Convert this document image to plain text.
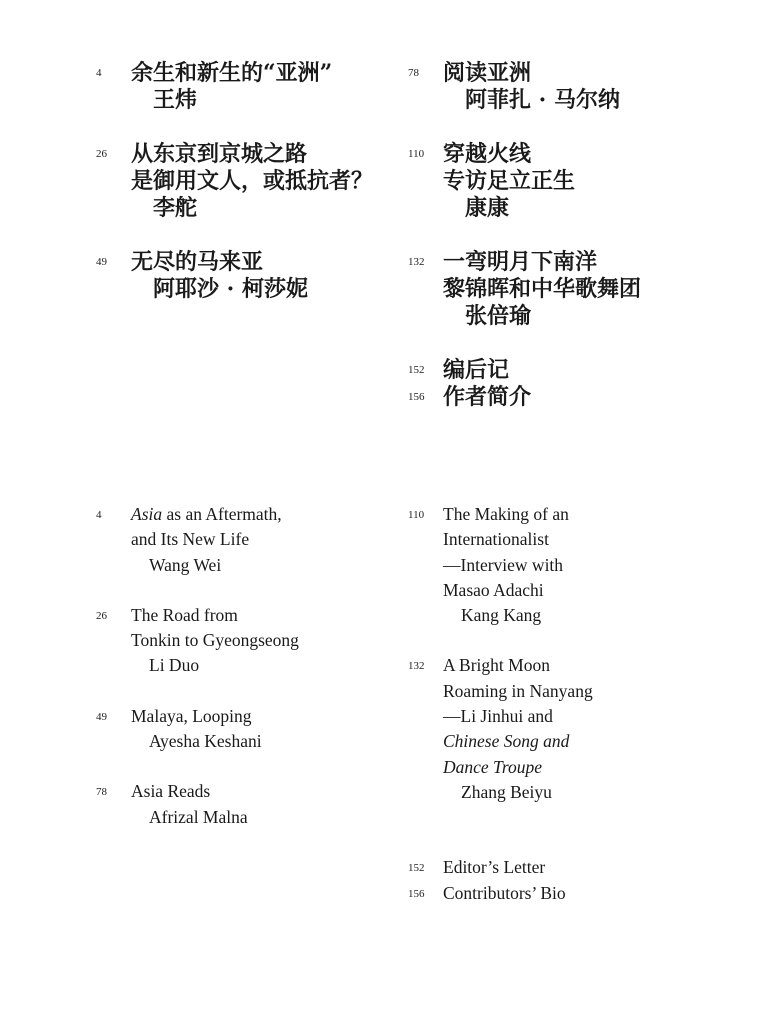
4 余生和新生的“亚洲”
王炜
26 从东京到京城之路
是御用文人，或抵抗者？
李舵
49 无尽的马来亚
阿耶沙 · 柯莎妮
78 阅读亚洲
阿菲扎 · 马尔纳
110 穿越火线
专访足立正生
康康
132 一弯明月下南洋
黎锦晖和中华歌舞团
张倍瑜
152 编后记
156 作者简介
4 Asia as an Aftermath,
and Its New Life
Wang Wei
26 The Road from
Tonkin to Gyeongseong
Li Duo
49 Malaya, Looping
Ayesha Keshani
78 Asia Reads
Afrizal Malna
110 The Making of an
Internationalist
—Interview with
Masao Adachi
Kang Kang
132 A Bright Moon
Roaming in Nanyang
—Li Jinhui and
Chinese Song and
Dance Troupe
Zhang Beiyu
152 Editor’s Letter
156 Contributors’ Bio
